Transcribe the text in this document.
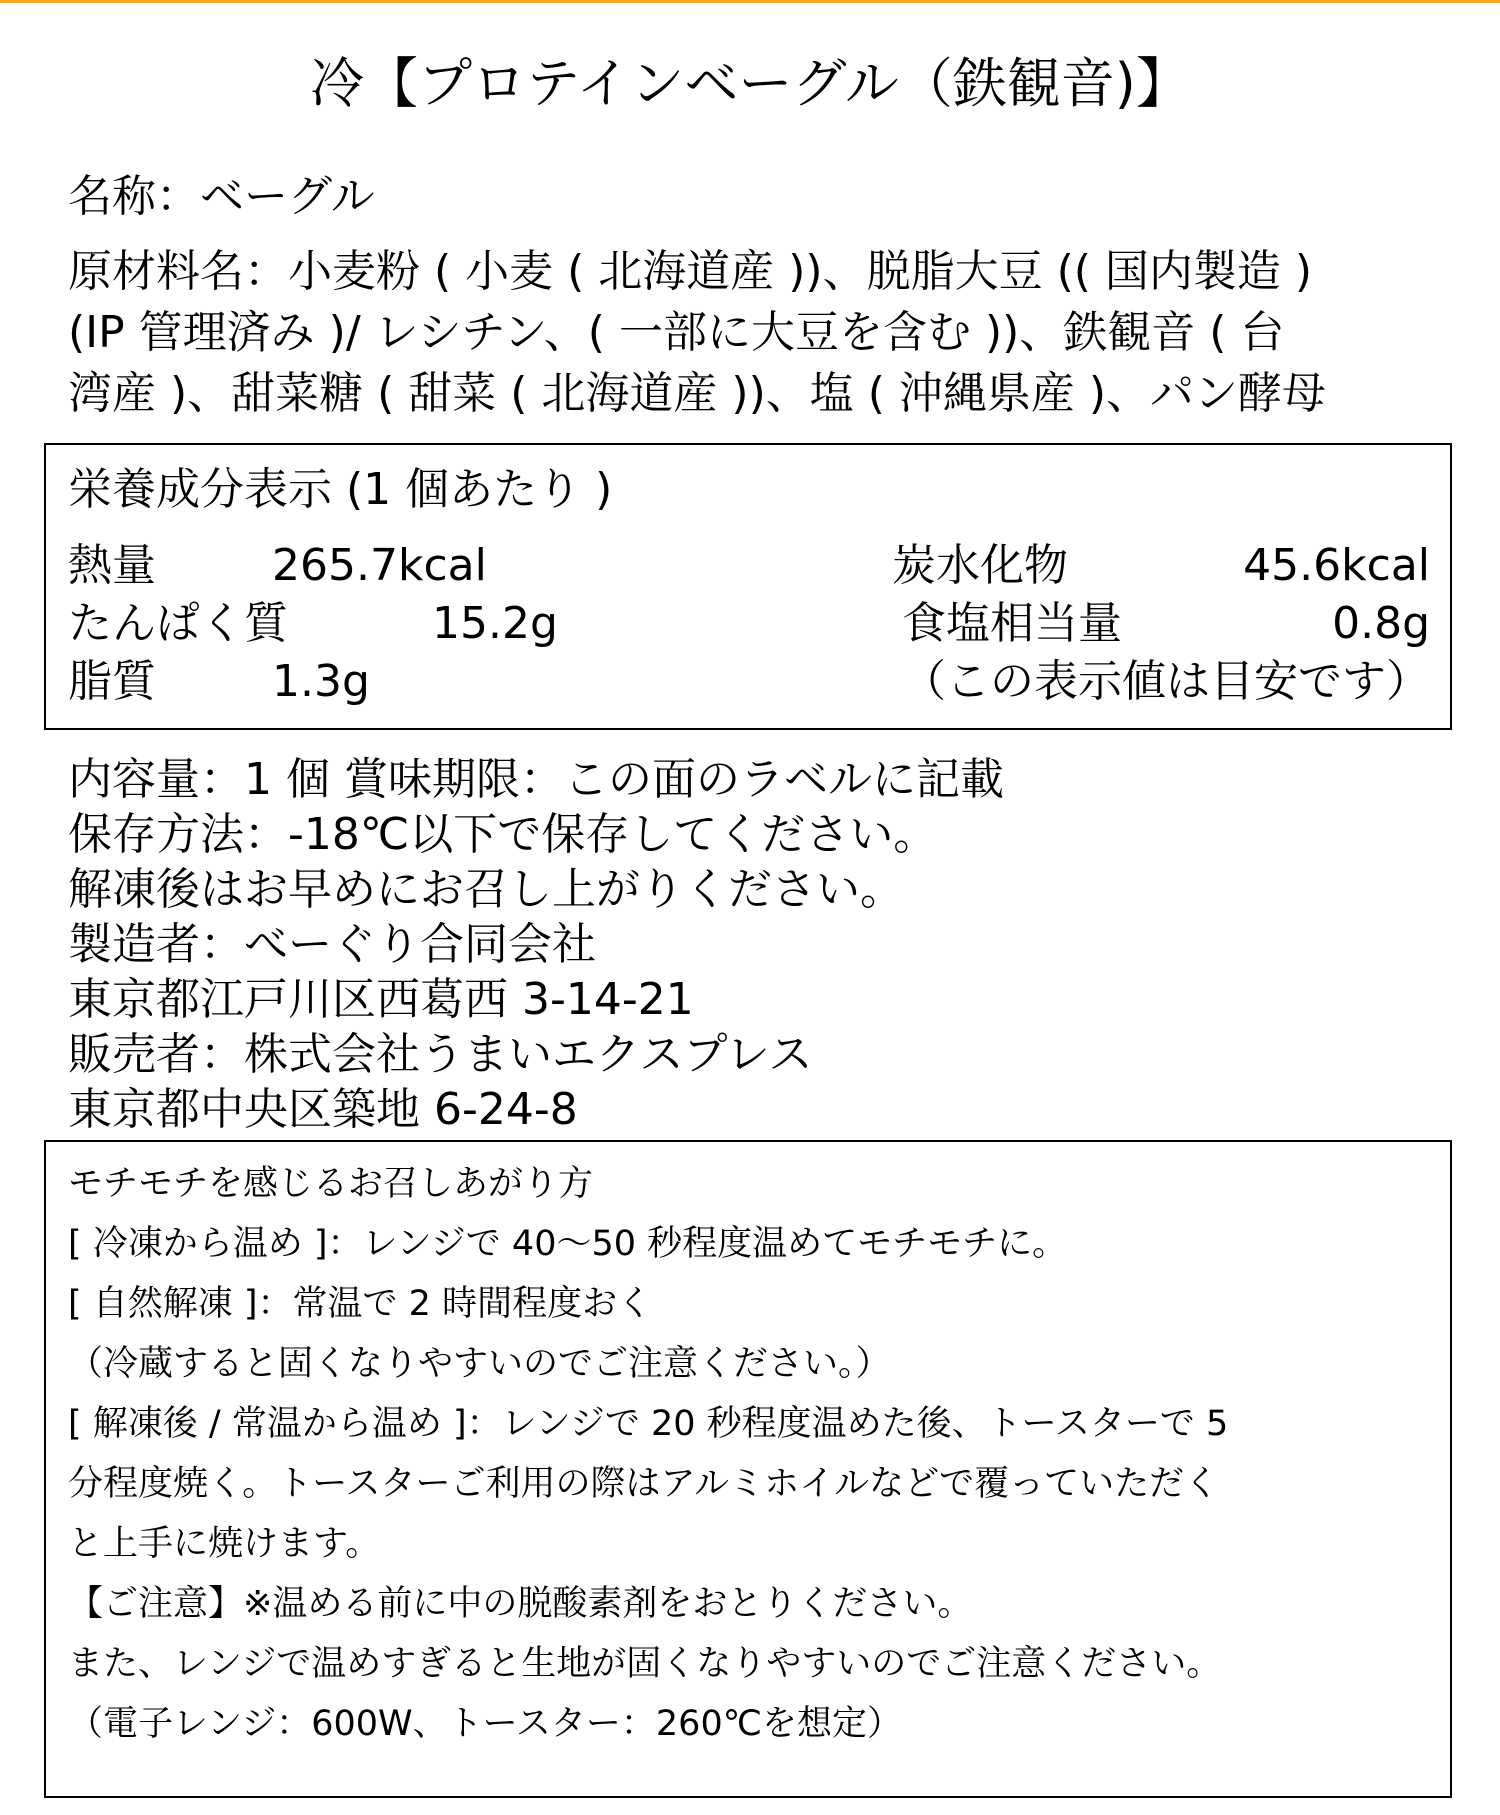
冷【プロテインベーグル（鉄観音)】
名称：ベーグル
原材料名：小麦粉 ( 小麦 ( 北海道産 ))、脱脂大豆 (( 国内製造 )
(IP 管理済み )/ レシチン、( 一部に大豆を含む ))、鉄観音 ( 台
湾産 )、甜菜糖 ( 甜菜 ( 北海道産 ))、塩 ( 沖縄県産 )、パン酵母
栄養成分表示 (1 個あたり )
熱量	265.7kcal	炭水化物	45.6kcal
たんぱく質	15.2g	食塩相当量	0.8g
脂質	1.3g	（この表示値は目安です）
内容量：1 個 賞味期限：この面のラベルに記載
保存方法：-18℃以下で保存してください。
解凍後はお早めにお召し上がりください。
製造者：べーぐり合同会社
東京都江戸川区西葛西 3-14-21
販売者：株式会社うまいエクスプレス
東京都中央区築地 6-24-8
モチモチを感じるお召しあがり方
[ 冷凍から温め ]：レンジで 40～50 秒程度温めてモチモチに。
[ 自然解凍 ]：常温で 2 時間程度おく
（冷蔵すると固くなりやすいのでご注意ください。）
[ 解凍後 / 常温から温め ]：レンジで 20 秒程度温めた後、トースターで 5
分程度焼く。トースターご利用の際はアルミホイルなどで覆っていただく
と上手に焼けます。
【ご注意】※温める前に中の脱酸素剤をおとりください。
また、レンジで温めすぎると生地が固くなりやすいのでご注意ください。
（電子レンジ：600W、トースター：260℃を想定）
